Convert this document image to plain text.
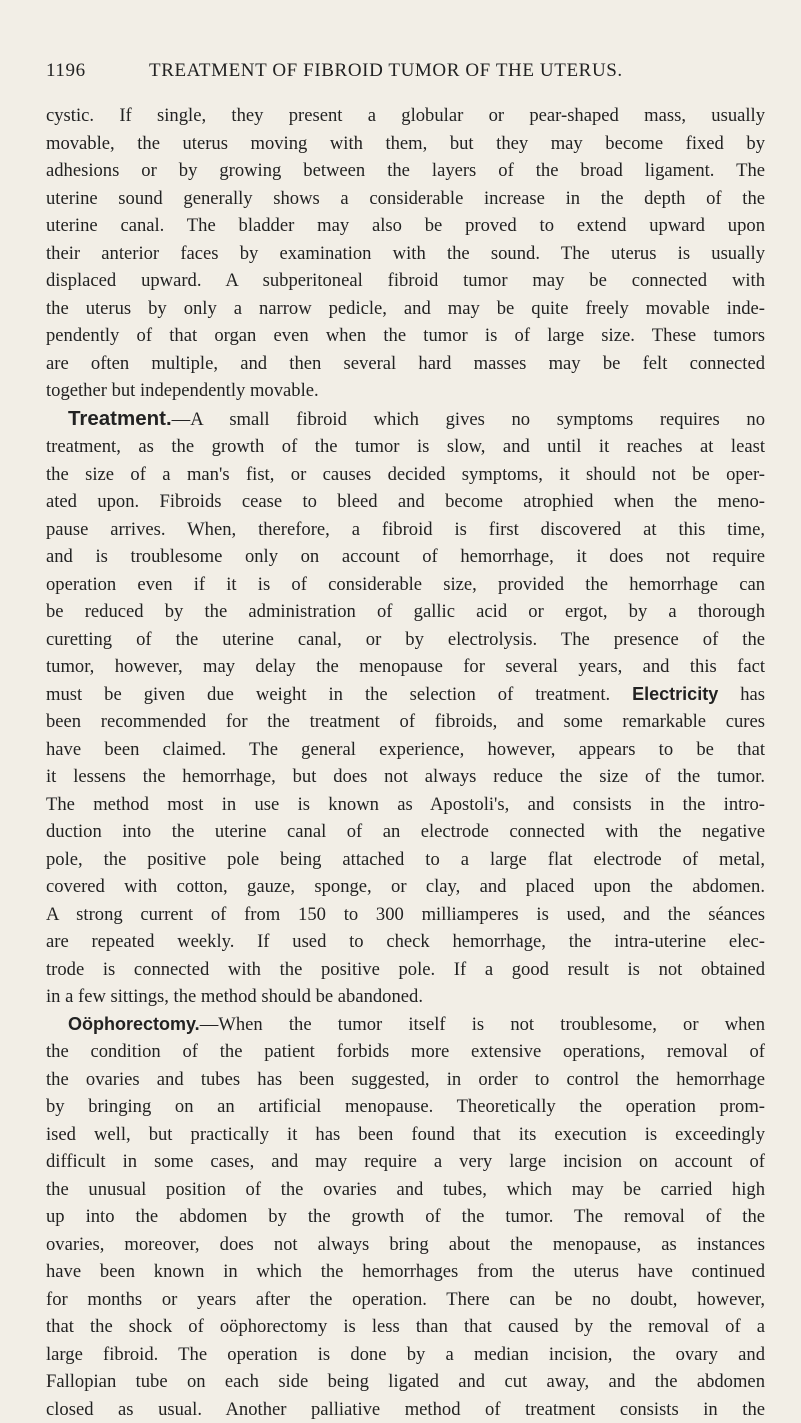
1196	TREATMENT OF FIBROID TUMOR OF THE UTERUS.
cystic. If single, they present a globular or pear-shaped mass, usually
movable, the uterus moving with them, but they may become fixed by
adhesions or by growing between the layers of the broad ligament. The
uterine sound generally shows a considerable increase in the depth of the
uterine canal. The bladder may also be proved to extend upward upon
their anterior faces by examination with the sound. The uterus is usually
displaced upward. A subperitoneal fibroid tumor may be connected with
the uterus by only a narrow pedicle, and may be quite freely movable inde-
pendently of that organ even when the tumor is of large size. These tumors
are often multiple, and then several hard masses may be felt connected
together but independently movable.
Treatment.—A small fibroid which gives no symptoms requires no
treatment, as the growth of the tumor is slow, and until it reaches at least
the size of a man's fist, or causes decided symptoms, it should not be oper-
ated upon. Fibroids cease to bleed and become atrophied when the meno-
pause arrives. When, therefore, a fibroid is first discovered at this time,
and is troublesome only on account of hemorrhage, it does not require
operation even if it is of considerable size, provided the hemorrhage can
be reduced by the administration of gallic acid or ergot, by a thorough
curetting of the uterine canal, or by electrolysis. The presence of the
tumor, however, may delay the menopause for several years, and this fact
must be given due weight in the selection of treatment. Electricity has
been recommended for the treatment of fibroids, and some remarkable cures
have been claimed. The general experience, however, appears to be that
it lessens the hemorrhage, but does not always reduce the size of the tumor.
The method most in use is known as Apostoli's, and consists in the intro-
duction into the uterine canal of an electrode connected with the negative
pole, the positive pole being attached to a large flat electrode of metal,
covered with cotton, gauze, sponge, or clay, and placed upon the abdomen.
A strong current of from 150 to 300 milliamperes is used, and the séances
are repeated weekly. If used to check hemorrhage, the intra-uterine elec-
trode is connected with the positive pole. If a good result is not obtained
in a few sittings, the method should be abandoned.
Oöphorectomy.—When the tumor itself is not troublesome, or when
the condition of the patient forbids more extensive operations, removal of
the ovaries and tubes has been suggested, in order to control the hemorrhage
by bringing on an artificial menopause. Theoretically the operation prom-
ised well, but practically it has been found that its execution is exceedingly
difficult in some cases, and may require a very large incision on account of
the unusual position of the ovaries and tubes, which may be carried high
up into the abdomen by the growth of the tumor. The removal of the
ovaries, moreover, does not always bring about the menopause, as instances
have been known in which the hemorrhages from the uterus have continued
for months or years after the operation. There can be no doubt, however,
that the shock of oöphorectomy is less than that caused by the removal of a
large fibroid. The operation is done by a median incision, the ovary and
Fallopian tube on each side being ligated and cut away, and the abdomen
closed as usual. Another palliative method of treatment consists in the
